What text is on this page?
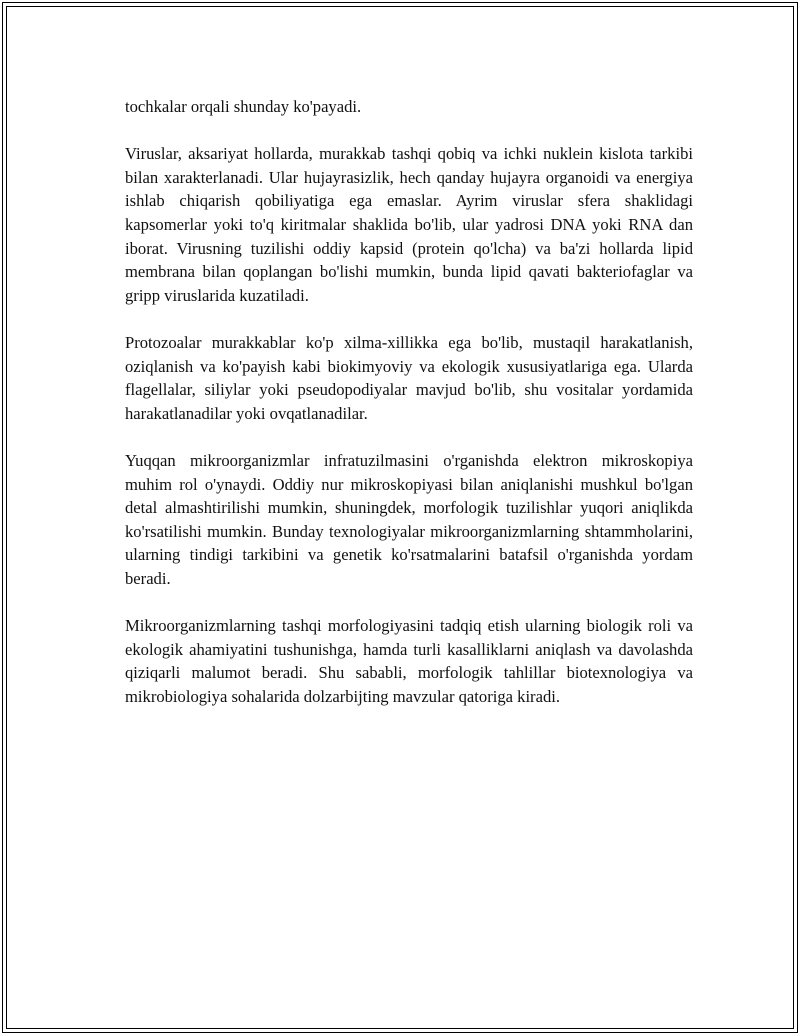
tochkalar orqali shunday ko'payadi.

Viruslar, aksariyat hollarda, murakkab tashqi qobiq va ichki nuklein kislota tarkibi bilan xarakterlanadi. Ular hujayrasizlik, hech qanday hujayra organoidi va energiya ishlab chiqarish qobiliyatiga ega emaslar. Ayrim viruslar sfera shaklidagi kapsomerlar yoki to'q kiritmalar shaklida bo'lib, ular yadrosi DNA yoki RNA dan iborat. Virusning tuzilishi oddiy kapsid (protein qo'lcha) va ba'zi hollarda lipid membrana bilan qoplangan bo'lishi mumkin, bunda lipid qavati bakteriofaglar va gripp viruslarida kuzatiladi.

Protozoalar murakkablar ko'p xilma-xillikka ega bo'lib, mustaqil harakatlanish, oziqlanish va ko'payish kabi biokimyoviy va ekologik xususiyatlariga ega. Ularda flagellalar, siliylar yoki pseudopodiyalar mavjud bo'lib, shu vositalar yordamida harakatlanadilar yoki ovqatlanadilar.

Yuqqan mikroorganizmlar infratuzilmasini o'rganishda elektron mikroskopiya muhim rol o'ynaydi. Oddiy nur mikroskopiyasi bilan aniqlanishi mushkul bo'lgan detal almashtirilishi mumkin, shuningdek, morfologik tuzilishlar yuqori aniqlikda ko'rsatilishi mumkin. Bunday texnologiyalar mikroorganizmlarning shtammholarini, ularning tindigi tarkibini va genetik ko'rsatmalarini batafsil o'rganishda yordam beradi.

Mikroorganizmlarning tashqi morfologiyasini tadqiq etish ularning biologik roli va ekologik ahamiyatini tushunishga, hamda turli kasalliklarni aniqlash va davolashda qiziqarli malumot beradi. Shu sababli, morfologik tahlillar biotexnologiya va mikrobiologiya sohalarida dolzarbijting mavzular qatoriga kiradi.
